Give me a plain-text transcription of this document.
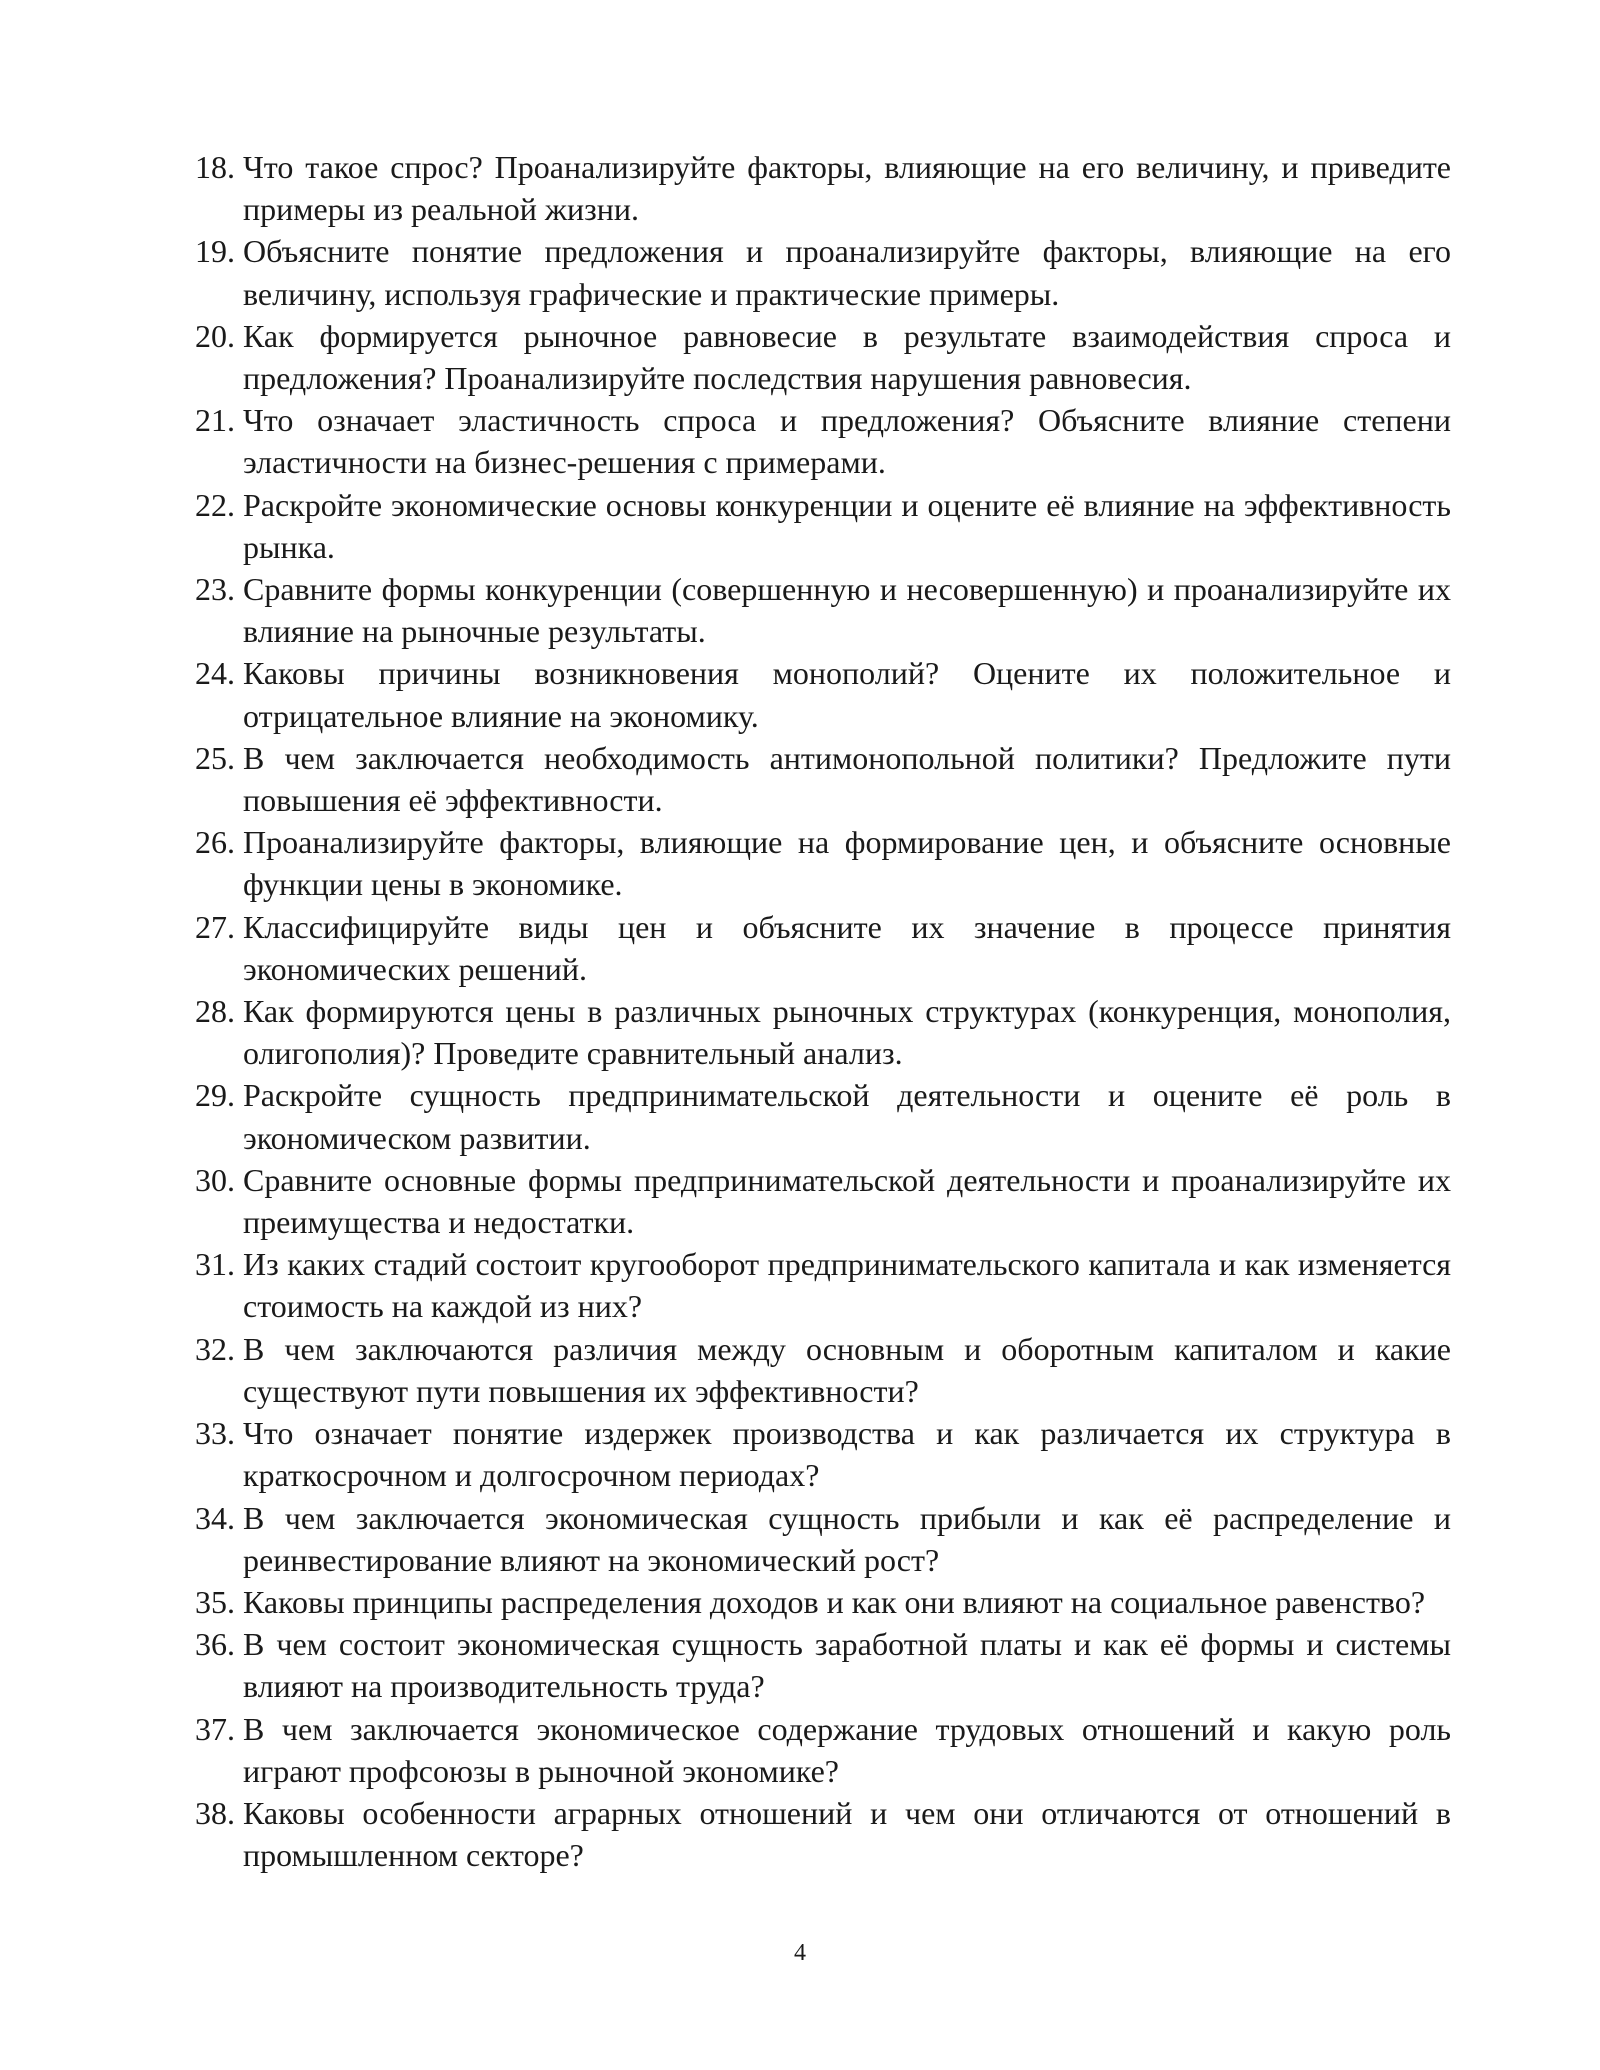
18. Что такое спрос? Проанализируйте факторы, влияющие на его величину, и приведите примеры из реальной жизни.
19. Объясните понятие предложения и проанализируйте факторы, влияющие на его величину, используя графические и практические примеры.
20. Как формируется рыночное равновесие в результате взаимодействия спроса и предложения? Проанализируйте последствия нарушения равновесия.
21. Что означает эластичность спроса и предложения? Объясните влияние степени эластичности на бизнес-решения с примерами.
22. Раскройте экономические основы конкуренции и оцените её влияние на эффективность рынка.
23. Сравните формы конкуренции (совершенную и несовершенную) и проанализируйте их влияние на рыночные результаты.
24. Каковы причины возникновения монополий? Оцените их положительное и отрицательное влияние на экономику.
25. В чем заключается необходимость антимонопольной политики? Предложите пути повышения её эффективности.
26. Проанализируйте факторы, влияющие на формирование цен, и объясните основные функции цены в экономике.
27. Классифицируйте виды цен и объясните их значение в процессе принятия экономических решений.
28. Как формируются цены в различных рыночных структурах (конкуренция, монополия, олигополия)? Проведите сравнительный анализ.
29. Раскройте сущность предпринимательской деятельности и оцените её роль в экономическом развитии.
30. Сравните основные формы предпринимательской деятельности и проанализируйте их преимущества и недостатки.
31. Из каких стадий состоит кругооборот предпринимательского капитала и как изменяется стоимость на каждой из них?
32. В чем заключаются различия между основным и оборотным капиталом и какие существуют пути повышения их эффективности?
33. Что означает понятие издержек производства и как различается их структура в краткосрочном и долгосрочном периодах?
34. В чем заключается экономическая сущность прибыли и как её распределение и реинвестирование влияют на экономический рост?
35. Каковы принципы распределения доходов и как они влияют на социальное равенство?
36. В чем состоит экономическая сущность заработной платы и как её формы и системы влияют на производительность труда?
37. В чем заключается экономическое содержание трудовых отношений и какую роль играют профсоюзы в рыночной экономике?
38. Каковы особенности аграрных отношений и чем они отличаются от отношений в промышленном секторе?
4
